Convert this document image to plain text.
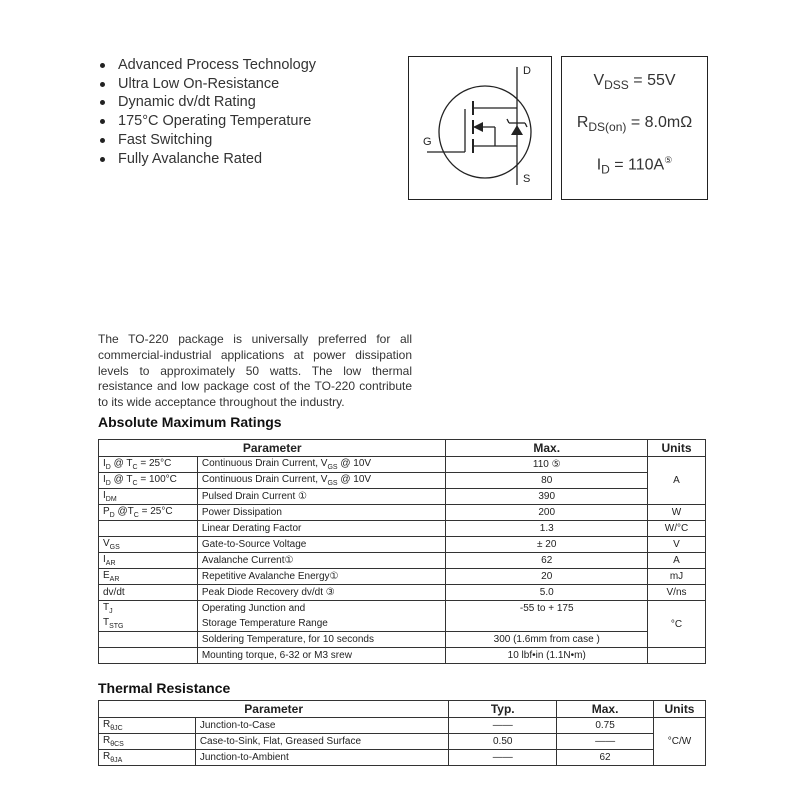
Advanced Process Technology
Ultra Low On-Resistance
Dynamic dv/dt Rating
175°C Operating Temperature
Fast Switching
Fully Avalanche Rated
D
G
S
$V_{DSS} = 55V$
$R_{DS(on)} = 8.0m\Omega$
$I_D = 110A^⑤$

The TO-220 package is universally preferred for all commercial-industrial applications at power dissipation levels to approximately 50 watts. The low thermal resistance and low package cost of the TO-220 contribute to its wide acceptance throughout the industry.

Absolute Maximum Ratings
Parameter		Max.	Units
$I_D$ @ $T_C = 25^\circ C$	Continuous Drain Current, $V_{GS}$ @ 10V	110 ⑤	A
$I_D$ @ $T_C = 100^\circ C$	Continuous Drain Current, $V_{GS}$ @ 10V	80	
$I_{DM}$	Pulsed Drain Current ①	390	
$P_D$ $@T_C = 25^\circ C$	Power Dissipation	200	W
	Linear Derating Factor	1.3	W/°C
$V_{GS}$	Gate-to-Source Voltage	± 20	V
$I_{AR}$	Avalanche Current①	62	A
$E_{AR}$	Repetitive Avalanche Energy①	20	mJ
dv/dt	Peak Diode Recovery dv/dt ③	5.0	V/ns
$T_J$	Operating Junction and	-55 to + 175	°C
$T_{STG}$	Storage Temperature Range		
	Soldering Temperature, for 10 seconds	300 (1.6mm from case )	
	Mounting torque, 6-32 or M3 srew	10 lbf•in (1.1N•m)	
Thermal Resistance
Parameter		Typ.	Max.	Units
$R_{\theta JC}$	Junction-to-Case	——	0.75	°C/W
$R_{\theta CS}$	Case-to-Sink, Flat, Greased Surface	0.50	——	
$R_{\theta JA}$	Junction-to-Ambient	——	62	
